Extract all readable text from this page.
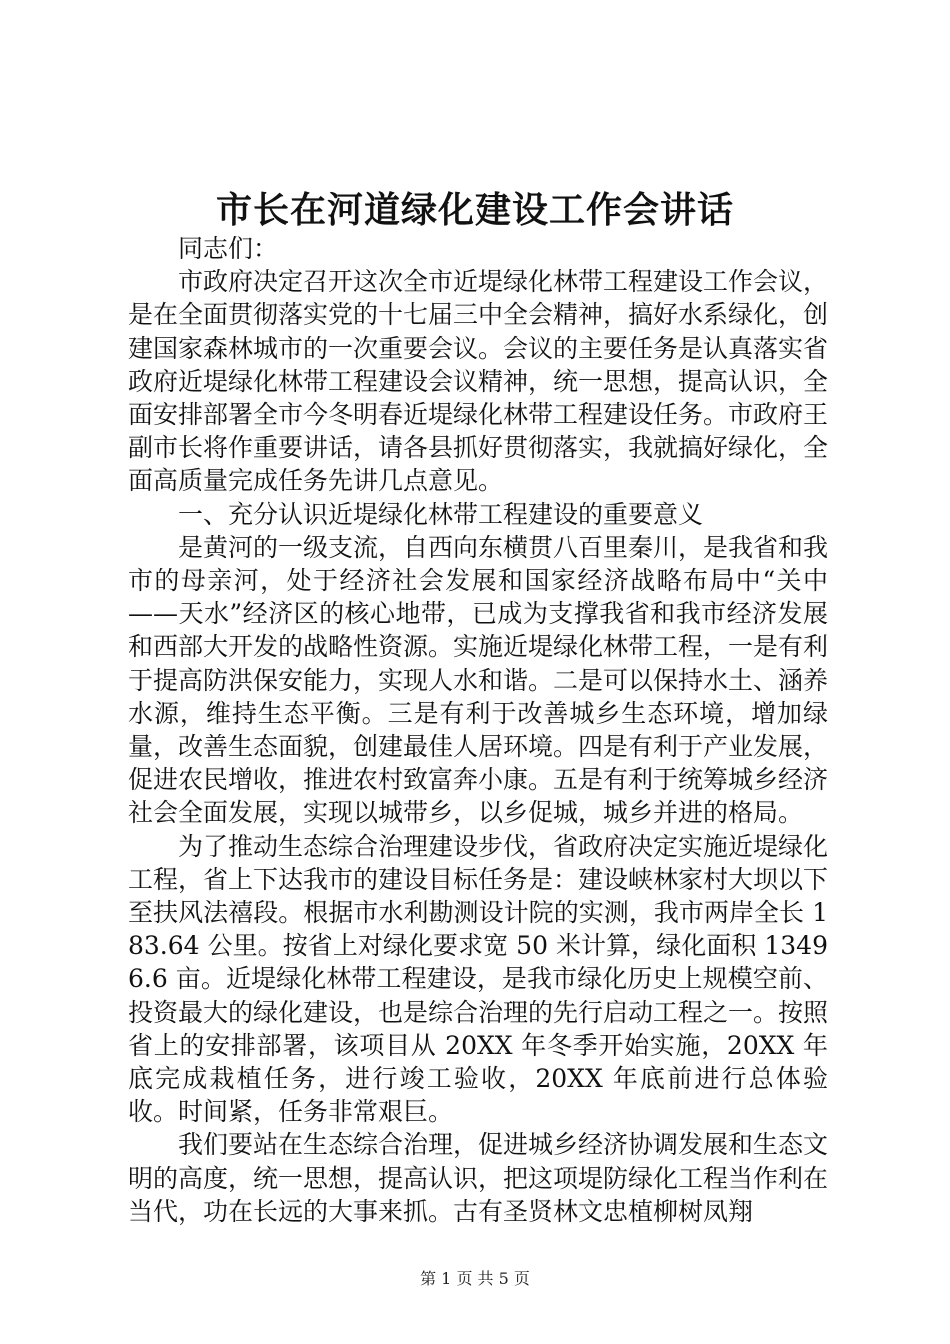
市长在河道绿化建设工作会讲话

同志们：

市政府决定召开这次全市近堤绿化林带工程建设工作会议，是在全面贯彻落实党的十七届三中全会精神，搞好水系绿化，创建国家森林城市的一次重要会议。会议的主要任务是认真落实省政府近堤绿化林带工程建设会议精神，统一思想，提高认识，全面安排部署全市今冬明春近堤绿化林带工程建设任务。市政府王副市长将作重要讲话，请各县抓好贯彻落实，我就搞好绿化，全面高质量完成任务先讲几点意见。

一、充分认识近堤绿化林带工程建设的重要意义

是黄河的一级支流，自西向东横贯八百里秦川，是我省和我市的母亲河，处于经济社会发展和国家经济战略布局中“关中——天水”经济区的核心地带，已成为支撑我省和我市经济发展和西部大开发的战略性资源。实施近堤绿化林带工程，一是有利于提高防洪保安能力，实现人水和谐。二是可以保持水土、涵养水源，维持生态平衡。三是有利于改善城乡生态环境，增加绿量，改善生态面貌，创建最佳人居环境。四是有利于产业发展，促进农民增收，推进农村致富奔小康。五是有利于统筹城乡经济社会全面发展，实现以城带乡，以乡促城，城乡并进的格局。

为了推动生态综合治理建设步伐，省政府决定实施近堤绿化工程，省上下达我市的建设目标任务是：建设峡林家村大坝以下至扶风法禧段。根据市水利勘测设计院的实测，我市两岸全长 183.64 公里。按省上对绿化要求宽 50 米计算，绿化面积 13496.6 亩。近堤绿化林带工程建设，是我市绿化历史上规模空前、投资最大的绿化建设，也是综合治理的先行启动工程之一。按照省上的安排部署，该项目从 20XX 年冬季开始实施，20XX 年底完成栽植任务，进行竣工验收，20XX 年底前进行总体验收。时间紧，任务非常艰巨。

我们要站在生态综合治理，促进城乡经济协调发展和生态文明的高度，统一思想，提高认识，把这项堤防绿化工程当作利在当代，功在长远的大事来抓。古有圣贤林文忠植柳树凤翔

第 1 页 共 5 页
